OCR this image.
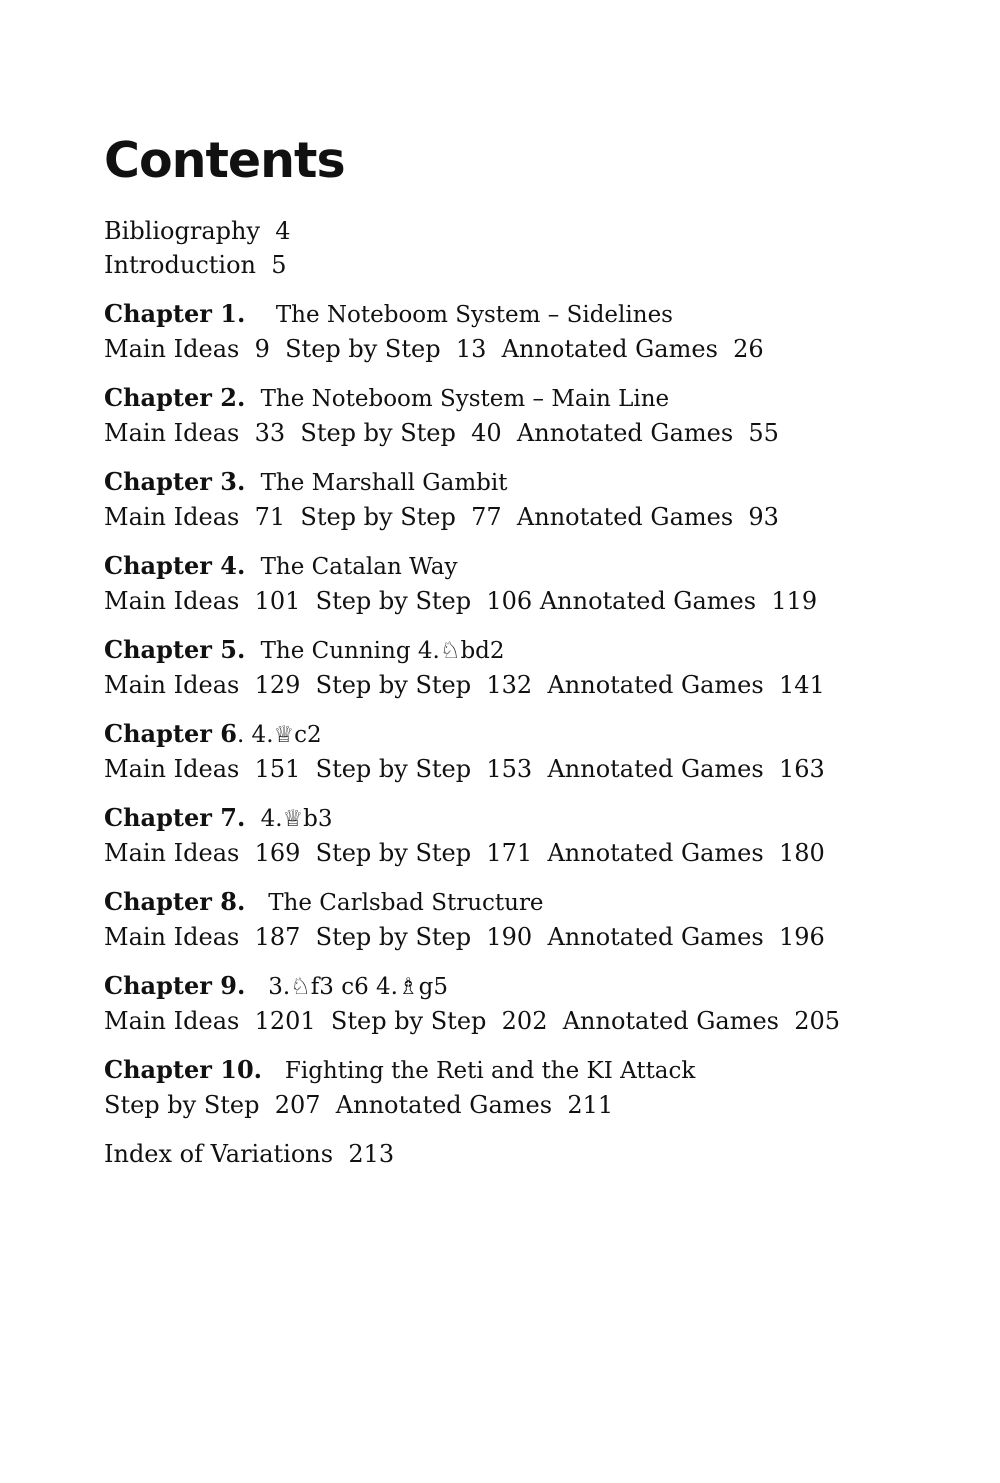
Contents
Bibliography 4
Introduction 5
Chapter 1. The Noteboom System – Sidelines
Main Ideas  9  Step by Step  13  Annotated Games  26
Chapter 2. The Noteboom System – Main Line
Main Ideas  33  Step by Step  40  Annotated Games  55
Chapter 3. The Marshall Gambit
Main Ideas  71  Step by Step  77  Annotated Games  93
Chapter 4. The Catalan Way
Main Ideas  101  Step by Step  106 Annotated Games  119
Chapter 5. The Cunning 4.♘bd2
Main Ideas  129  Step by Step  132  Annotated Games  141
Chapter 6. 4.♕c2
Main Ideas  151  Step by Step  153  Annotated Games  163
Chapter 7. 4.♕b3
Main Ideas  169  Step by Step  171  Annotated Games  180
Chapter 8. The Carlsbad Structure
Main Ideas  187  Step by Step  190  Annotated Games  196
Chapter 9. 3.♘f3 c6 4.♗g5
Main Ideas  1201  Step by Step  202  Annotated Games  205
Chapter 10. Fighting the Reti and the KI Attack
Step by Step  207  Annotated Games  211
Index of Variations 213
